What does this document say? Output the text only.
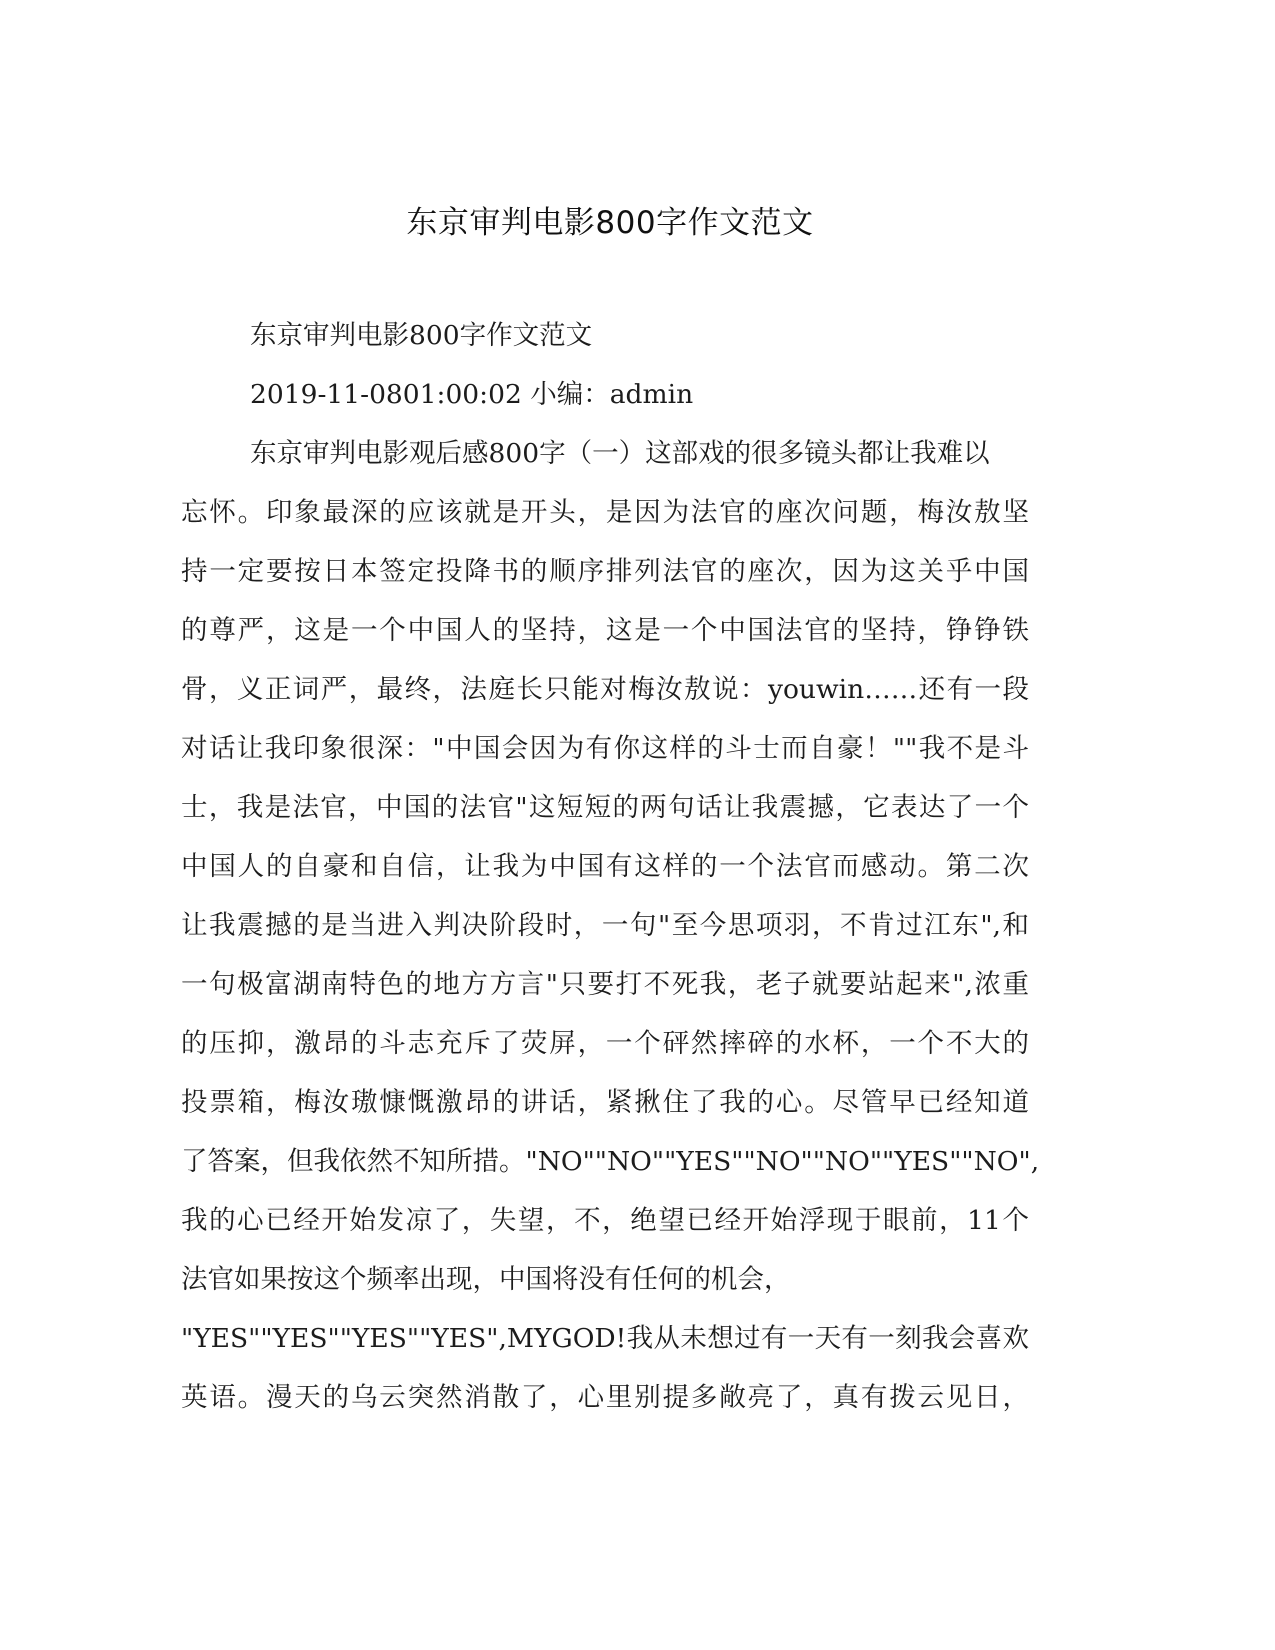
东京审判电影800字作文范文
东京审判电影800字作文范文
2019-11-0801:00:02 小编：admin
东京审判电影观后感800字（一）这部戏的很多镜头都让我难以
忘怀。印象最深的应该就是开头，是因为法官的座次问题，梅汝敖坚
持一定要按日本签定投降书的顺序排列法官的座次，因为这关乎中国
的尊严，这是一个中国人的坚持，这是一个中国法官的坚持，铮铮铁
骨，义正词严，最终，法庭长只能对梅汝敖说：youwin……还有一段
对话让我印象很深："中国会因为有你这样的斗士而自豪！""我不是斗
士，我是法官，中国的法官"这短短的两句话让我震撼，它表达了一个
中国人的自豪和自信，让我为中国有这样的一个法官而感动。第二次
让我震撼的是当进入判决阶段时，一句"至今思项羽，不肯过江东",和
一句极富湖南特色的地方方言"只要打不死我，老子就要站起来",浓重
的压抑，激昂的斗志充斥了荧屏，一个砰然摔碎的水杯，一个不大的
投票箱，梅汝璈慷慨激昂的讲话，紧揪住了我的心。尽管早已经知道
了答案，但我依然不知所措。"NO""NO""YES""NO""NO""YES""NO",
我的心已经开始发凉了，失望，不，绝望已经开始浮现于眼前，11个
法官如果按这个频率出现，中国将没有任何的机会，
"YES""YES""YES""YES",MYGOD!我从未想过有一天有一刻我会喜欢
英语。漫天的乌云突然消散了，心里别提多敞亮了，真有拨云见日，
